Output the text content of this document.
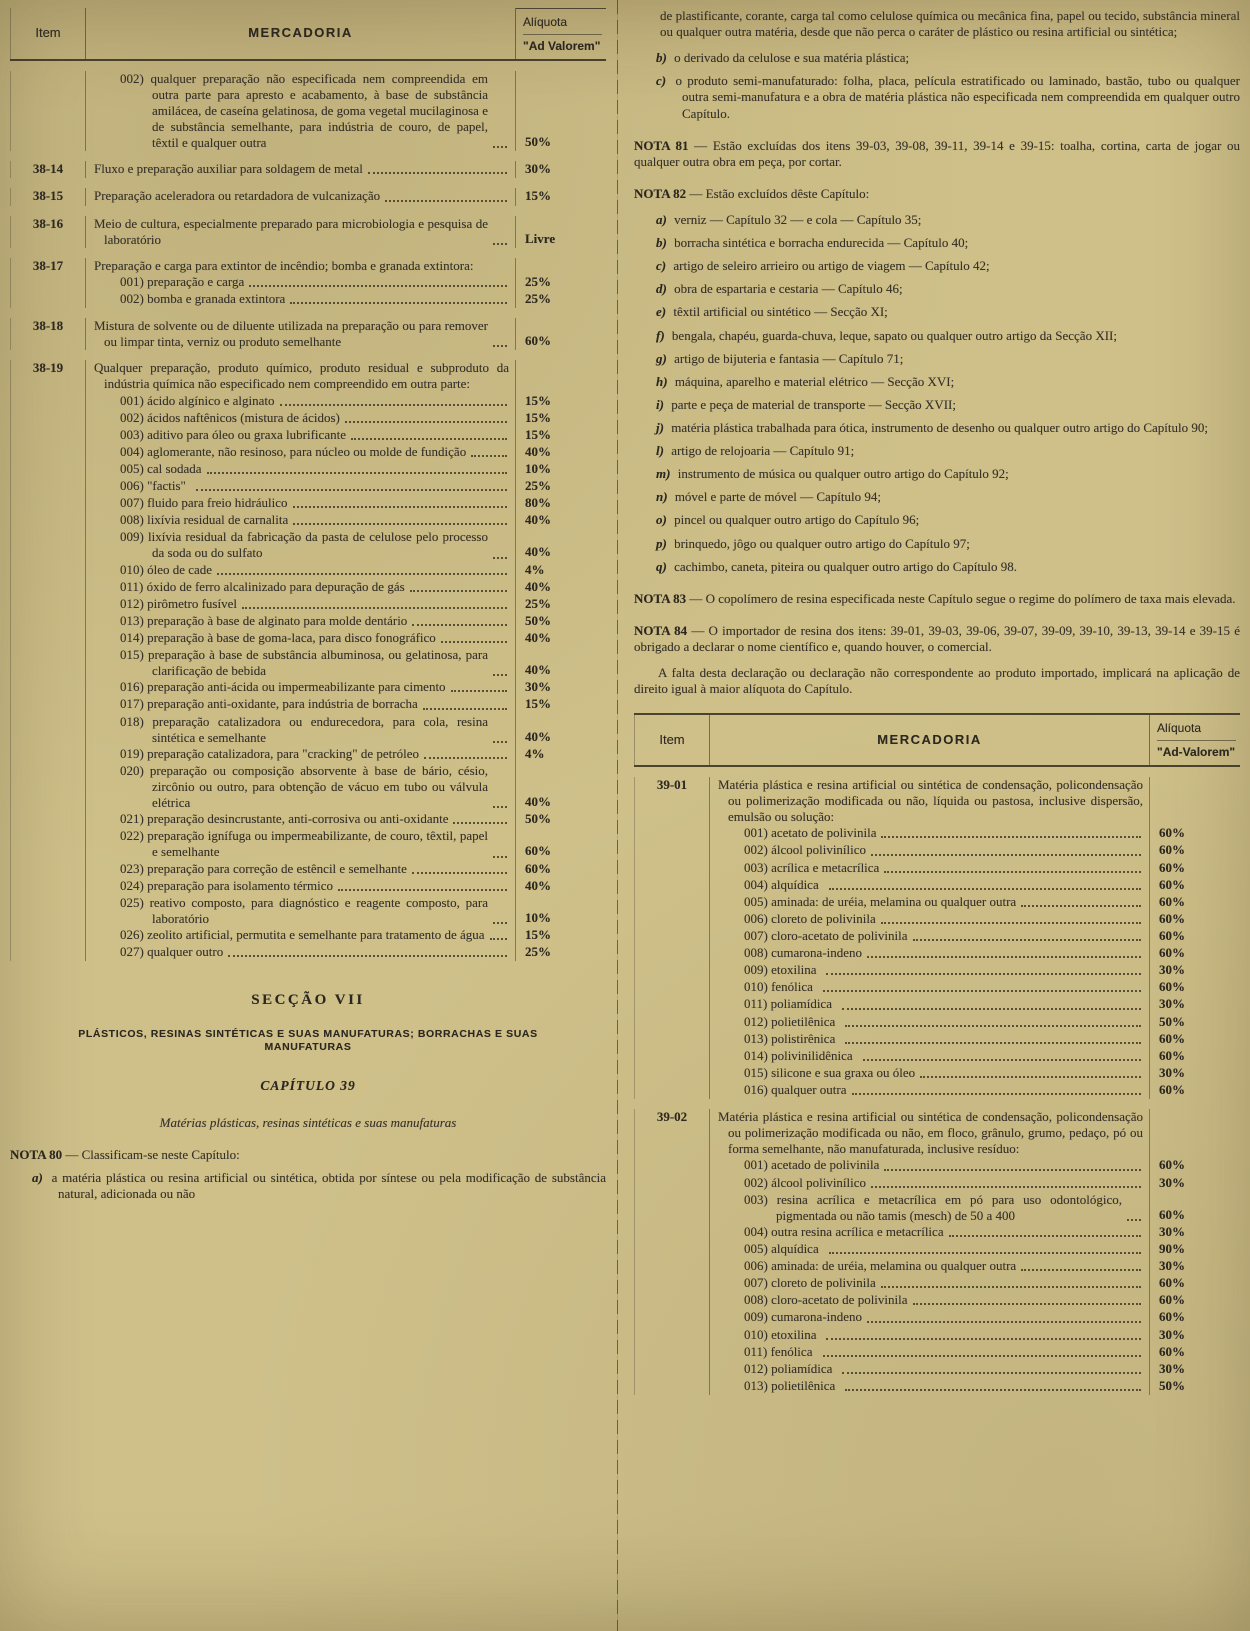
Item	MERCADORIA
Alíquota
"Ad Valorem"
002) qualquer preparação não especificada nem compreendida em outra parte para apresto e acabamento, à base de substância amilácea, de caseína gelatinosa, de goma vegetal mucilaginosa e de substância semelhante, para indústria de couro, de papel, têxtil e qualquer outra	50%
38-14	Fluxo e preparação auxiliar para soldagem de metal	30%
38-15	Preparação aceleradora ou retardadora de vulcanização	15%
38-16	Meio de cultura, especialmente preparado para microbiologia e pesquisa de laboratório	Livre
38-17	Preparação e carga para extintor de incêndio; bomba e granada extintora:
001) preparação e carga	25%
002) bomba e granada extintora	25%
38-18	Mistura de solvente ou de diluente utilizada na preparação ou para remover ou limpar tinta, verniz ou produto semelhante	60%
38-19	Qualquer preparação, produto químico, produto residual e subproduto da indústria química não especificado nem compreendido em outra parte:
001) ácido algínico e alginato	15%
002) ácidos naftênicos (mistura de ácidos)	15%
003) aditivo para óleo ou graxa lubrificante	15%
004) aglomerante, não resinoso, para núcleo ou molde de fundição	40%
005) cal sodada	10%
006) "factis"	25%
007) fluido para freio hidráulico	80%
008) lixívia residual de carnalita	40%
009) lixívia residual da fabricação da pasta de celulose pelo processo da soda ou do sulfato	40%
010) óleo de cade	4%
011) óxido de ferro alcalinizado para depuração de gás	40%
012) pirômetro fusível	25%
013) preparação à base de alginato para molde dentário	50%
014) preparação à base de goma-laca, para disco fonográfico	40%
015) preparação à base de substância albuminosa, ou gelatinosa, para clarificação de bebida	40%
016) preparação anti-ácida ou impermeabilizante para cimento	30%
017) preparação anti-oxidante, para indústria de borracha	15%
018) preparação catalizadora ou endurecedora, para cola, resina sintética e semelhante	40%
019) preparação catalizadora, para "cracking" de petróleo	4%
020) preparação ou composição absorvente à base de bário, césio, zircônio ou outro, para obtenção de vácuo em tubo ou válvula elétrica	40%
021) preparação desincrustante, anti-corrosiva ou anti-oxidante	50%
022) preparação ignífuga ou impermeabilizante, de couro, têxtil, papel e semelhante	60%
023) preparação para correção de estêncil e semelhante	60%
024) preparação para isolamento térmico	40%
025) reativo composto, para diagnóstico e reagente composto, para laboratório	10%
026) zeolito artificial, permutita e semelhante para tratamento de água	15%
027) qualquer outro	25%
SECÇÃO VII
PLÁSTICOS, RESINAS SINTÉTICAS E SUAS MANUFATURAS; BORRACHAS E SUAS MANUFATURAS
CAPÍTULO 39
Matérias plásticas, resinas sintéticas e suas manufaturas

NOTA 80 — Classificam-se neste Capítulo:

a) a matéria plástica ou resina artificial ou sintética, obtida por síntese ou pela modificação de substância natural, adicionada ou não

de plastificante, corante, carga tal como celulose química ou mecânica fina, papel ou tecido, substância mineral ou qualquer outra matéria, desde que não perca o caráter de plástico ou resina artificial ou sintética;

b) o derivado da celulose e sua matéria plástica;
c) o produto semi-manufaturado: folha, placa, película estratificado ou laminado, bastão, tubo ou qualquer outra semi-manufatura e a obra de matéria plástica não especificada nem compreendida em qualquer outro Capítulo.

NOTA 81 — Estão excluídas dos itens 39-03, 39-08, 39-11, 39-14 e 39-15: toalha, cortina, carta de jogar ou qualquer outra obra em peça, por cortar.

NOTA 82 — Estão excluídos dêste Capítulo:

a) verniz — Capítulo 32 — e cola — Capítulo 35;
b) borracha sintética e borracha endurecida — Capítulo 40;
c) artigo de seleiro arrieiro ou artigo de viagem — Capítulo 42;
d) obra de espartaria e cestaria — Capítulo 46;
e) têxtil artificial ou sintético — Secção XI;
f) bengala, chapéu, guarda-chuva, leque, sapato ou qualquer outro artigo da Secção XII;
g) artigo de bijuteria e fantasia — Capítulo 71;
h) máquina, aparelho e material elétrico — Secção XVI;
i) parte e peça de material de transporte — Secção XVII;
j) matéria plástica trabalhada para ótica, instrumento de desenho ou qualquer outro artigo do Capítulo 90;
l) artigo de relojoaria — Capítulo 91;
m) instrumento de música ou qualquer outro artigo do Capítulo 92;
n) móvel e parte de móvel — Capítulo 94;
o) pincel ou qualquer outro artigo do Capítulo 96;
p) brinquedo, jôgo ou qualquer outro artigo do Capítulo 97;
q) cachimbo, caneta, piteira ou qualquer outro artigo do Capítulo 98.

NOTA 83 — O copolímero de resina especificada neste Capítulo segue o regime do polímero de taxa mais elevada.

NOTA 84 — O importador de resina dos itens: 39-01, 39-03, 39-06, 39-07, 39-09, 39-10, 39-13, 39-14 e 39-15 é obrigado a declarar o nome científico e, quando houver, o comercial.

A falta desta declaração ou declaração não correspondente ao produto importado, implicará na aplicação de direito igual à maior alíquota do Capítulo.

Item	MERCADORIA
Alíquota
"Ad-Valorem"
39-01	Matéria plástica e resina artificial ou sintética de condensação, policondensação ou polimerização modificada ou não, líquida ou pastosa, inclusive dispersão, emulsão ou solução:
001) acetato de polivinila	60%
002) álcool polivinílico	60%
003) acrílica e metacrílica	60%
004) alquídica	60%
005) aminada: de uréia, melamina ou qualquer outra	60%
006) cloreto de polivinila	60%
007) cloro-acetato de polivinila	60%
008) cumarona-indeno	60%
009) etoxilina	30%
010) fenólica	60%
011) poliamídica	30%
012) polietilênica	50%
013) polistirênica	60%
014) polivinilidênica	60%
015) silicone e sua graxa ou óleo	30%
016) qualquer outra	60%
39-02	Matéria plástica e resina artificial ou sintética de condensação, policondensação ou polimerização modificada ou não, em floco, grânulo, grumo, pedaço, pó ou forma semelhante, não manufaturada, inclusive resíduo:
001) acetado de polivinila	60%
002) álcool polivinílico	30%
003) resina acrílica e metacrílica em pó para uso odontológico, pigmentada ou não tamis (mesch) de 50 a 400	60%
004) outra resina acrílica e metacrílica	30%
005) alquídica	90%
006) aminada: de uréia, melamina ou qualquer outra	30%
007) cloreto de polivinila	60%
008) cloro-acetato de polivinila	60%
009) cumarona-indeno	60%
010) etoxilina	30%
011) fenólica	60%
012) poliamídica	30%
013) polietilênica	50%
